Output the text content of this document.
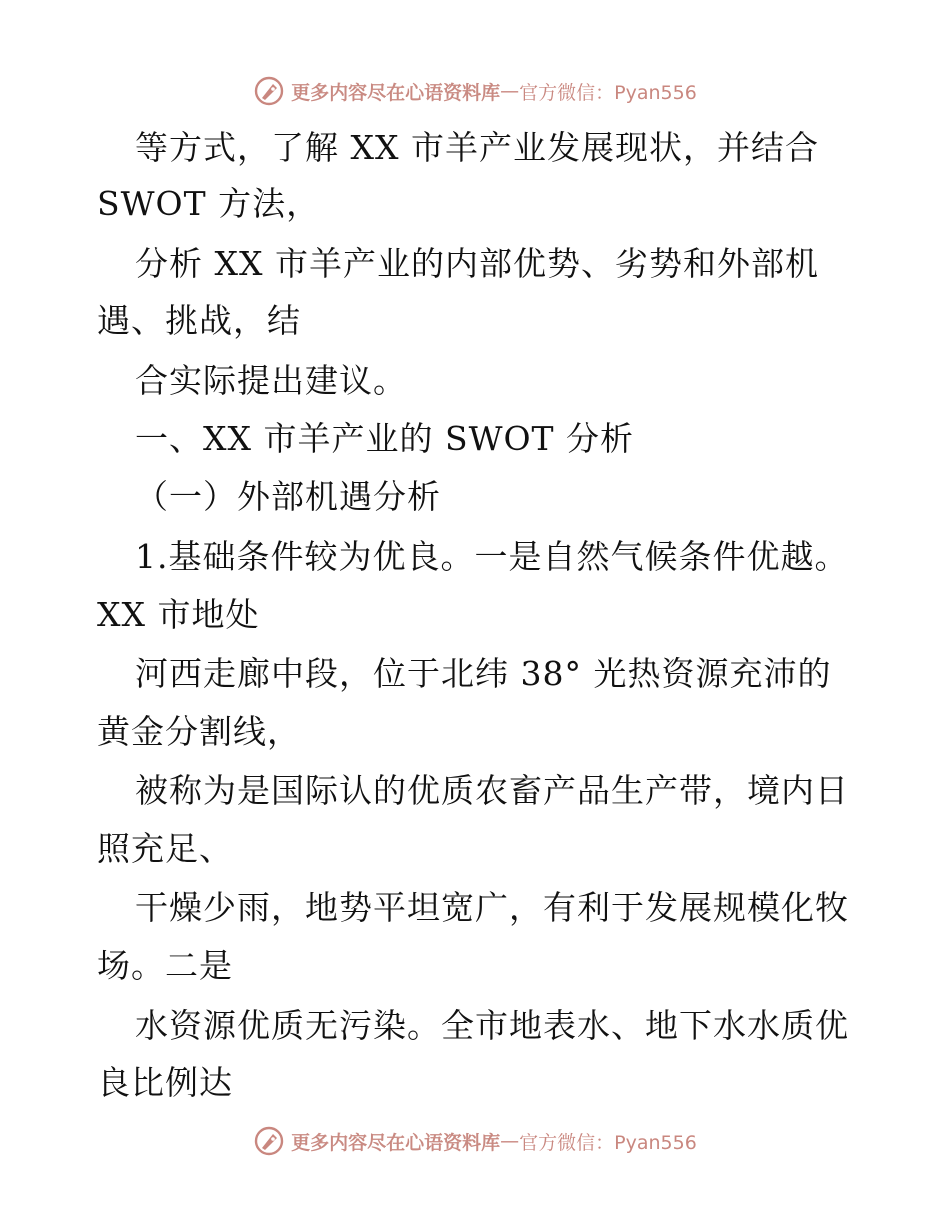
更多内容尽在心语资料库 — 官方微信：Pyan556
等方式，了解 XX 市羊产业发展现状，并结合
SWOT 方法，
分析 XX 市羊产业的内部优势、劣势和外部机
遇、挑战，结
合实际提出建议。
一、XX 市羊产业的 SWOT 分析
（一）外部机遇分析
1.基础条件较为优良。一是自然气候条件优越。
XX 市地处
河西走廊中段，位于北纬 38° 光热资源充沛的
黄金分割线，
被称为是国际认的优质农畜产品生产带，境内日
照充足、
干燥少雨，地势平坦宽广，有利于发展规模化牧
场。二是
水资源优质无污染。全市地表水、地下水水质优
良比例达
更多内容尽在心语资料库 — 官方微信：Pyan556
